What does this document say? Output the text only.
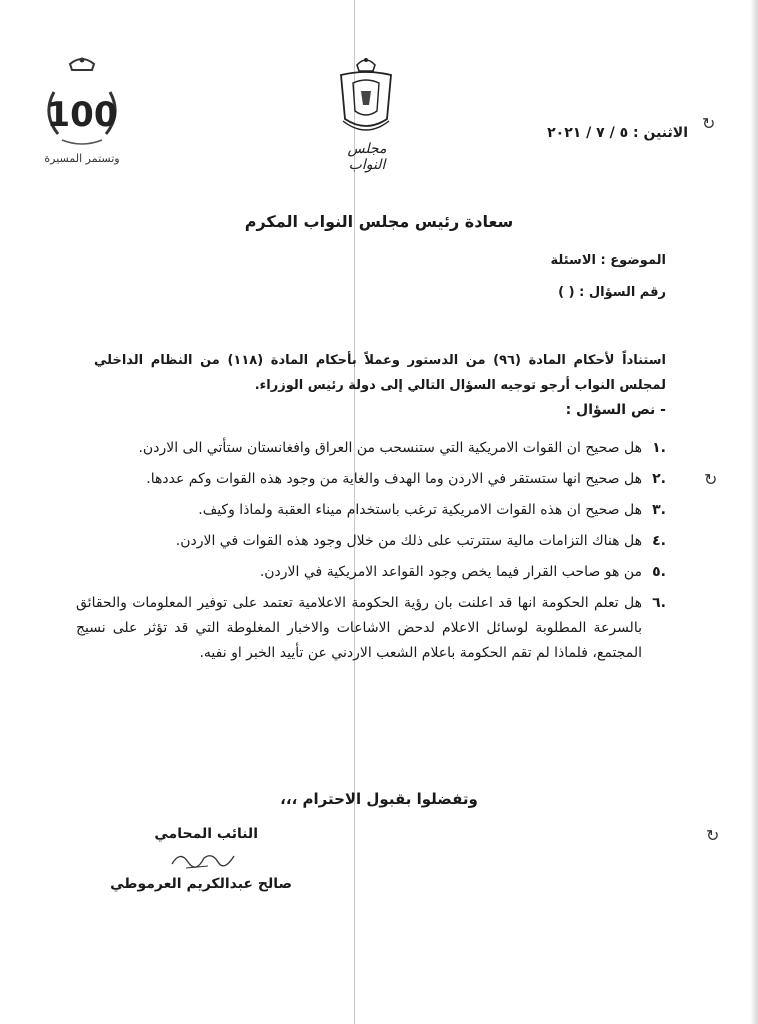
↻
↻
↻
100
وتستمر المسيرة
مجلس النواب
الاثنين : ٥ / ٧ / ٢٠٢١
سعادة رئيس مجلس النواب المكرم
الموضوع : الاسئلة
رقم السؤال : ( )
استناداً لأحكام المادة (٩٦) من الدستور وعملاً بأحكام المادة (١١٨) من النظام الداخلي لمجلس النواب أرجو توجيه السؤال التالي إلى دولة رئيس الوزراء.
- نص السؤال :
.١
هل صحيح ان القوات الامريكية التي ستنسحب من العراق وافغانستان ستأتي الى الاردن.
.٢
هل صحيح انها ستستقر في الاردن وما الهدف والغاية من وجود هذه القوات وكم عددها.
.٣
هل صحيح ان هذه القوات الامريكية ترغب باستخدام ميناء العقبة ولماذا وكيف.
.٤
هل هناك التزامات مالية ستترتب على ذلك من خلال وجود هذه القوات في الاردن.
.٥
من هو صاحب القرار فيما يخص وجود القواعد الامريكية في الاردن.
.٦
هل تعلم الحكومة انها قد اعلنت بان رؤية الحكومة الاعلامية تعتمد على توفير المعلومات والحقائق بالسرعة المطلوبة لوسائل الاعلام لدحض الاشاعات والاخبار المغلوطة التي قد تؤثر على نسيج المجتمع، فلماذا لم تقم الحكومة باعلام الشعب الاردني عن تأييد الخبر او نفيه.
وتفضلوا بقبول الاحترام ،،،
النائب المحامي
صالح عبدالكريم العرموطي
